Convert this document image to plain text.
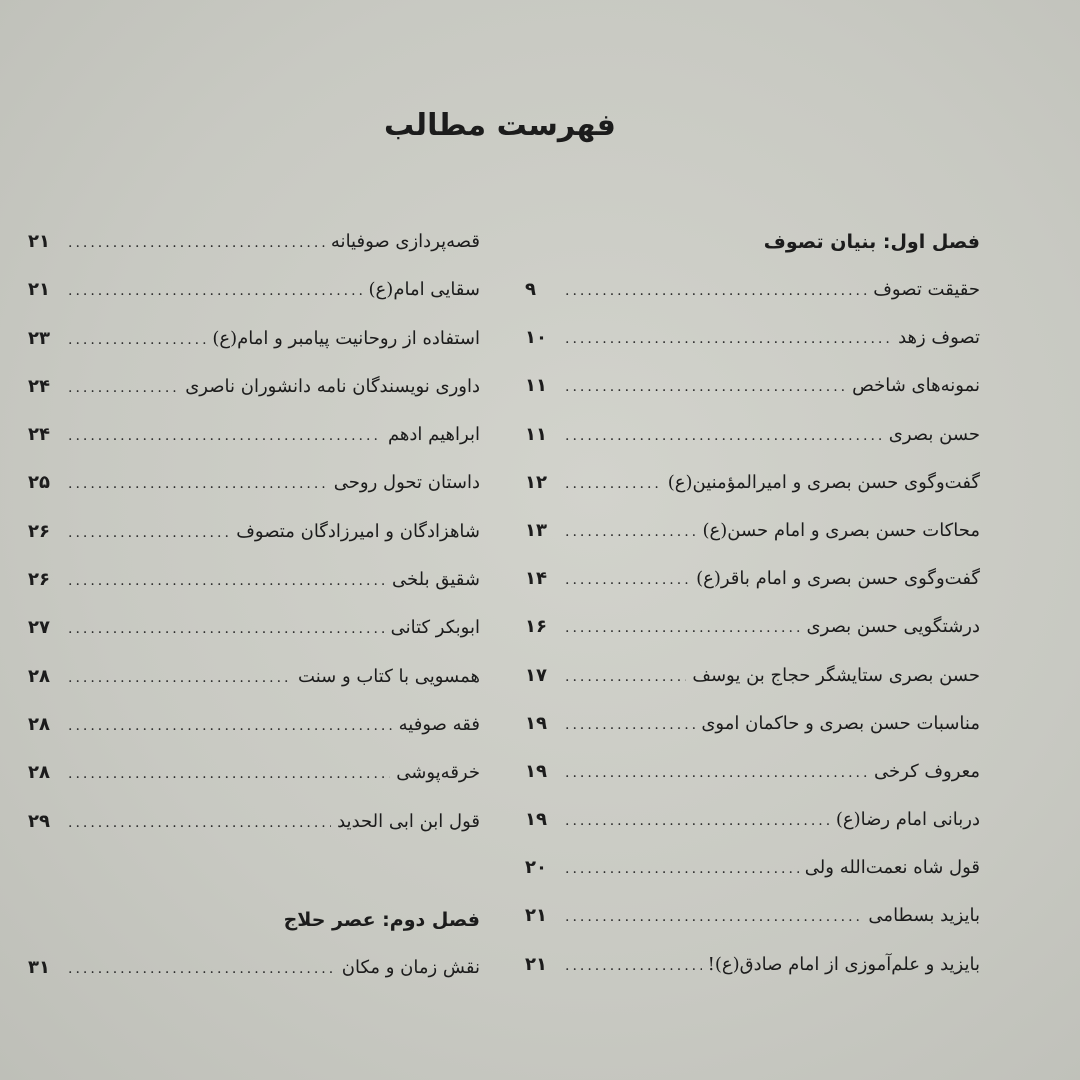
فهرست مطالب
فصل اول: بنیان تصوف
حقیقت تصوف
.....
۹
تصوف زهد
.....
۱۰
نمونه‌های شاخص
.....
۱۱
حسن بصری
.....
۱۱
گفت‌وگوی حسن بصری و امیرالمؤمنین(ع)
.....
۱۲
محاکات حسن بصری و امام حسن(ع)
.....
۱۳
گفت‌وگوی حسن بصری و امام باقر(ع)
.....
۱۴
درشتگویی حسن بصری
.....
۱۶
حسن بصری ستایشگر حجاج بن یوسف
.....
۱۷
مناسبات حسن بصری و حاکمان اموی
.....
۱۹
معروف کرخی
.....
۱۹
دربانی امام رضا(ع)
.....
۱۹
قول شاه نعمت‌الله ولی
.....
۲۰
بایزید بسطامی
.....
۲۱
بایزید و علم‌آموزی از امام صادق(ع)!
.....
۲۱
قصه‌پردازی صوفیانه
.....
۲۱
سقایی امام(ع)
.....
۲۱
استفاده از روحانیت پیامبر و امام(ع)
.....
۲۳
داوری نویسندگان نامه دانشوران ناصری
.....
۲۴
ابراهیم ادهم
.....
۲۴
داستان تحول روحی
.....
۲۵
شاهزادگان و امیرزادگان متصوف
.....
۲۶
شقیق بلخی
.....
۲۶
ابوبکر کتانی
.....
۲۷
همسویی با کتاب و سنت
.....
۲۸
فقه صوفیه
.....
۲۸
خرقه‌پوشی
.....
۲۸
قول ابن ابی الحدید
.....
۲۹
فصل دوم: عصر حلاج
نقش زمان و مکان
.....
۳۱
